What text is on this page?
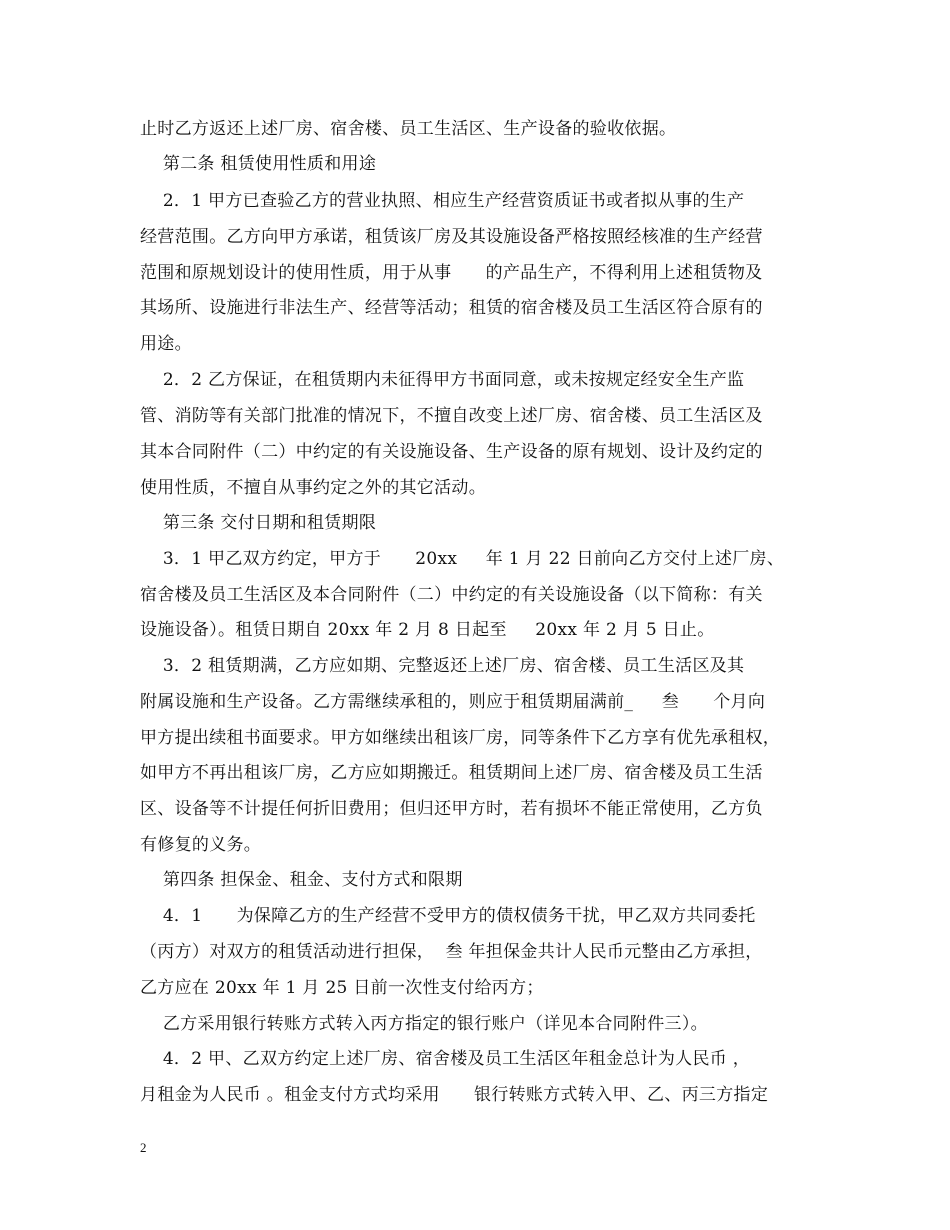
止时乙方返还上述厂房、宿舍楼、员工生活区、生产设备的验收依据。
第二条 租赁使用性质和用途
2．1 甲方已查验乙方的营业执照、相应生产经营资质证书或者拟从事的生产
经营范围。乙方向甲方承诺，租赁该厂房及其设施设备严格按照经核准的生产经营
范围和原规划设计的使用性质，用于从事      的产品生产，不得利用上述租赁物及
其场所、设施进行非法生产、经营等活动；租赁的宿舍楼及员工生活区符合原有的
用途。
2．2 乙方保证，在租赁期内未征得甲方书面同意，或未按规定经安全生产监
管、消防等有关部门批准的情况下，不擅自改变上述厂房、宿舍楼、员工生活区及
其本合同附件（二）中约定的有关设施设备、生产设备的原有规划、设计及约定的
使用性质，不擅自从事约定之外的其它活动。
第三条 交付日期和租赁期限
3．1 甲乙双方约定，甲方于      20xx     年 1 月 22 日前向乙方交付上述厂房、
宿舍楼及员工生活区及本合同附件（二）中约定的有关设施设备（以下简称：有关
设施设备）。租赁日期自 20xx 年 2 月 8 日起至     20xx 年 2 月 5 日止。
3．2 租赁期满，乙方应如期、完整返还上述厂房、宿舍楼、员工生活区及其
附属设施和生产设备。乙方需继续承租的，则应于租赁期届满前_     叁      个月向
甲方提出续租书面要求。甲方如继续出租该厂房，同等条件下乙方享有优先承租权，
如甲方不再出租该厂房，乙方应如期搬迁。租赁期间上述厂房、宿舍楼及员工生活
区、设备等不计提任何折旧费用；但归还甲方时，若有损坏不能正常使用，乙方负
有修复的义务。
第四条 担保金、租金、支付方式和限期
4．1      为保障乙方的生产经营不受甲方的债权债务干扰，甲乙双方共同委托
（丙方）对双方的租赁活动进行担保，  叁 年担保金共计人民币元整由乙方承担，
乙方应在 20xx 年 1 月 25 日前一次性支付给丙方；
乙方采用银行转账方式转入丙方指定的银行账户（详见本合同附件三）。
4．2 甲、乙双方约定上述厂房、宿舍楼及员工生活区年租金总计为人民币 ，
月租金为人民币 。租金支付方式均采用      银行转账方式转入甲、乙、丙三方指定
2
